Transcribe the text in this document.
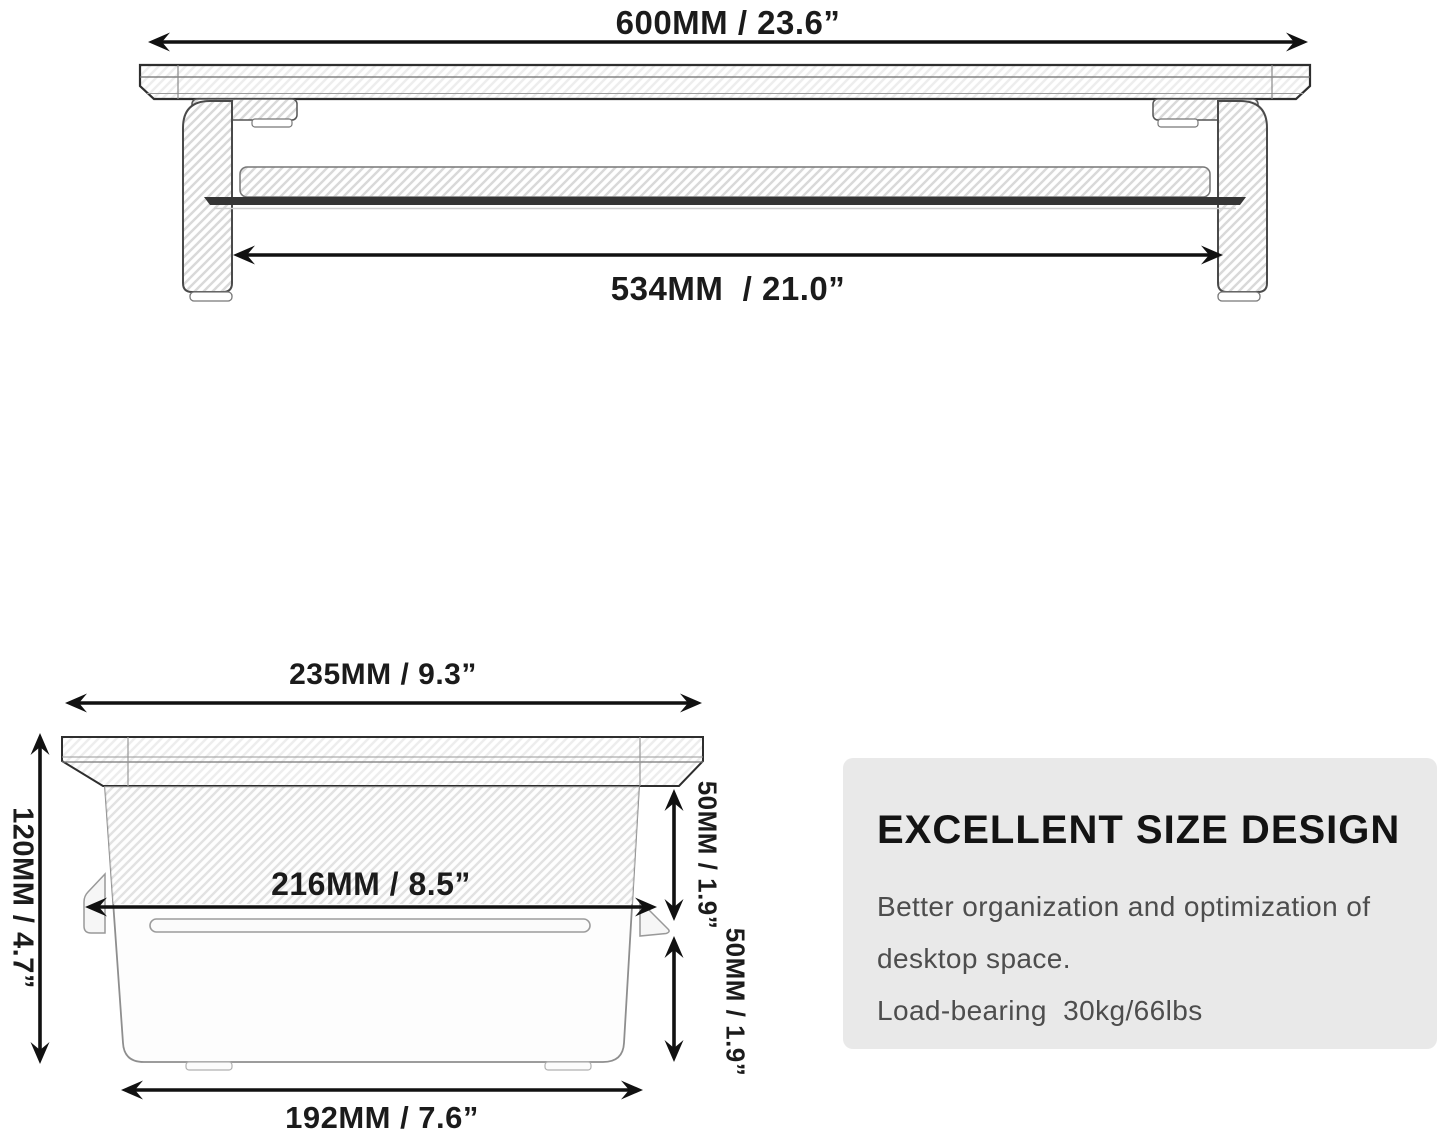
600MM / 23.6”
534MM  / 21.0”
235MM / 9.3”
120MM / 4.7”	216MM / 8.5”	50MM / 1.9”
50MM / 1.9”
192MM / 7.6”
EXCELLENT SIZE DESIGN
Better organization and optimization of
desktop space.
Load-bearing  30kg/66lbs
